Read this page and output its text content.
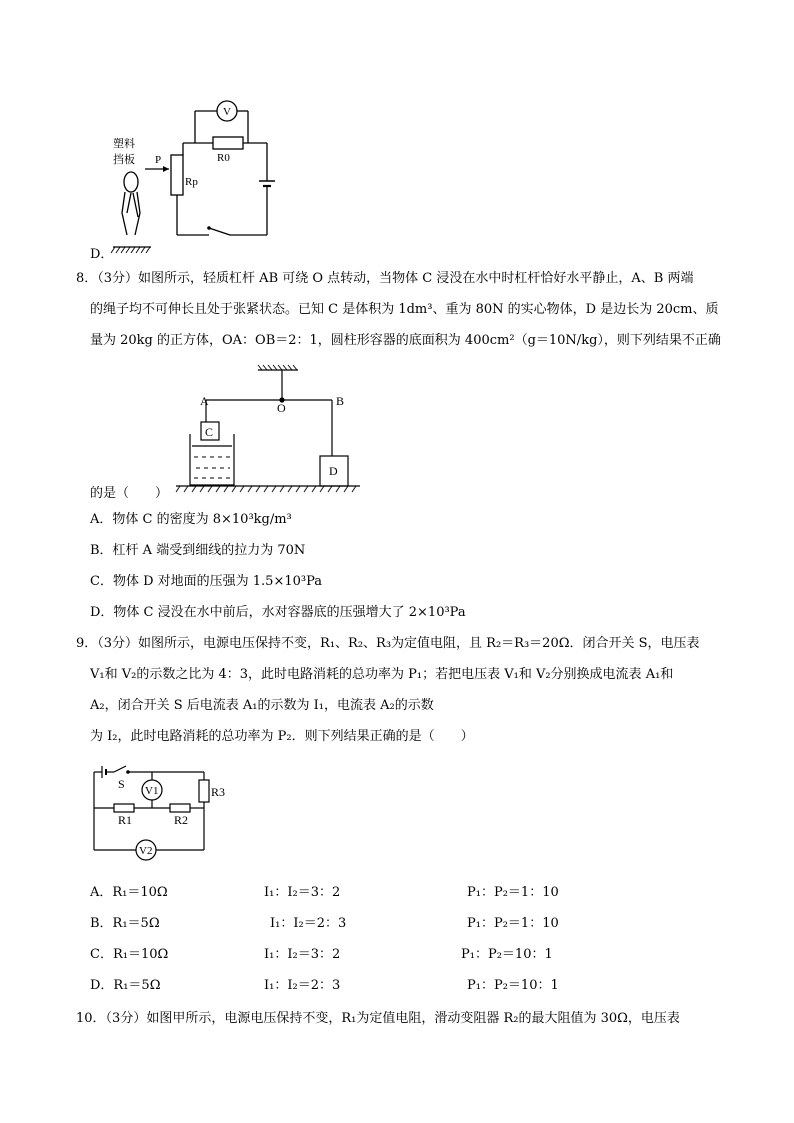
V
R0
Rp
P
塑料
挡板
D．
8．（3分）如图所示，轻质杠杆 AB 可绕 O 点转动，当物体 C 浸没在水中时杠杆恰好水平静止，A、B 两端
的绳子均不可伸长且处于张紧状态。已知 C 是体积为 1dm³、重为 80N 的实心物体，D 是边长为 20cm、质
量为 20kg 的正方体，OA：OB＝2：1，圆柱形容器的底面积为 400cm²（g＝10N/kg），则下列结果不正确
A	O	B
C
D
的是（　　）
A．物体 C 的密度为 8×10³kg/m³
B．杠杆 A 端受到细线的拉力为 70N
C．物体 D 对地面的压强为 1.5×10³Pa
D．物体 C 浸没在水中前后，水对容器底的压强增大了 2×10³Pa
9．（3分）如图所示，电源电压保持不变，R₁、R₂、R₃为定值电阻，且 R₂＝R₃＝20Ω．闭合开关 S，电压表
V₁和 V₂的示数之比为 4：3，此时电路消耗的总功率为 P₁；若把电压表 V₁和 V₂分别换成电流表 A₁和
A₂，闭合开关 S 后电流表 A₁的示数为 I₁，电流表 A₂的示数
为 I₂，此时电路消耗的总功率为 P₂．则下列结果正确的是（　　）
V1
V2
S
R1	R2
R3
A．R₁＝10Ω	I₁：I₂＝3：2	P₁：P₂＝1：10
B．R₁＝5Ω	I₁：I₂＝2：3	P₁：P₂＝1：10
C．R₁＝10Ω	I₁：I₂＝3：2	P₁：P₂＝10：1
D．R₁＝5Ω	I₁：I₂＝2：3	P₁：P₂＝10：1
10．（3分）如图甲所示，电源电压保持不变，R₁为定值电阻，滑动变阻器 R₂的最大阻值为 30Ω，电压表
